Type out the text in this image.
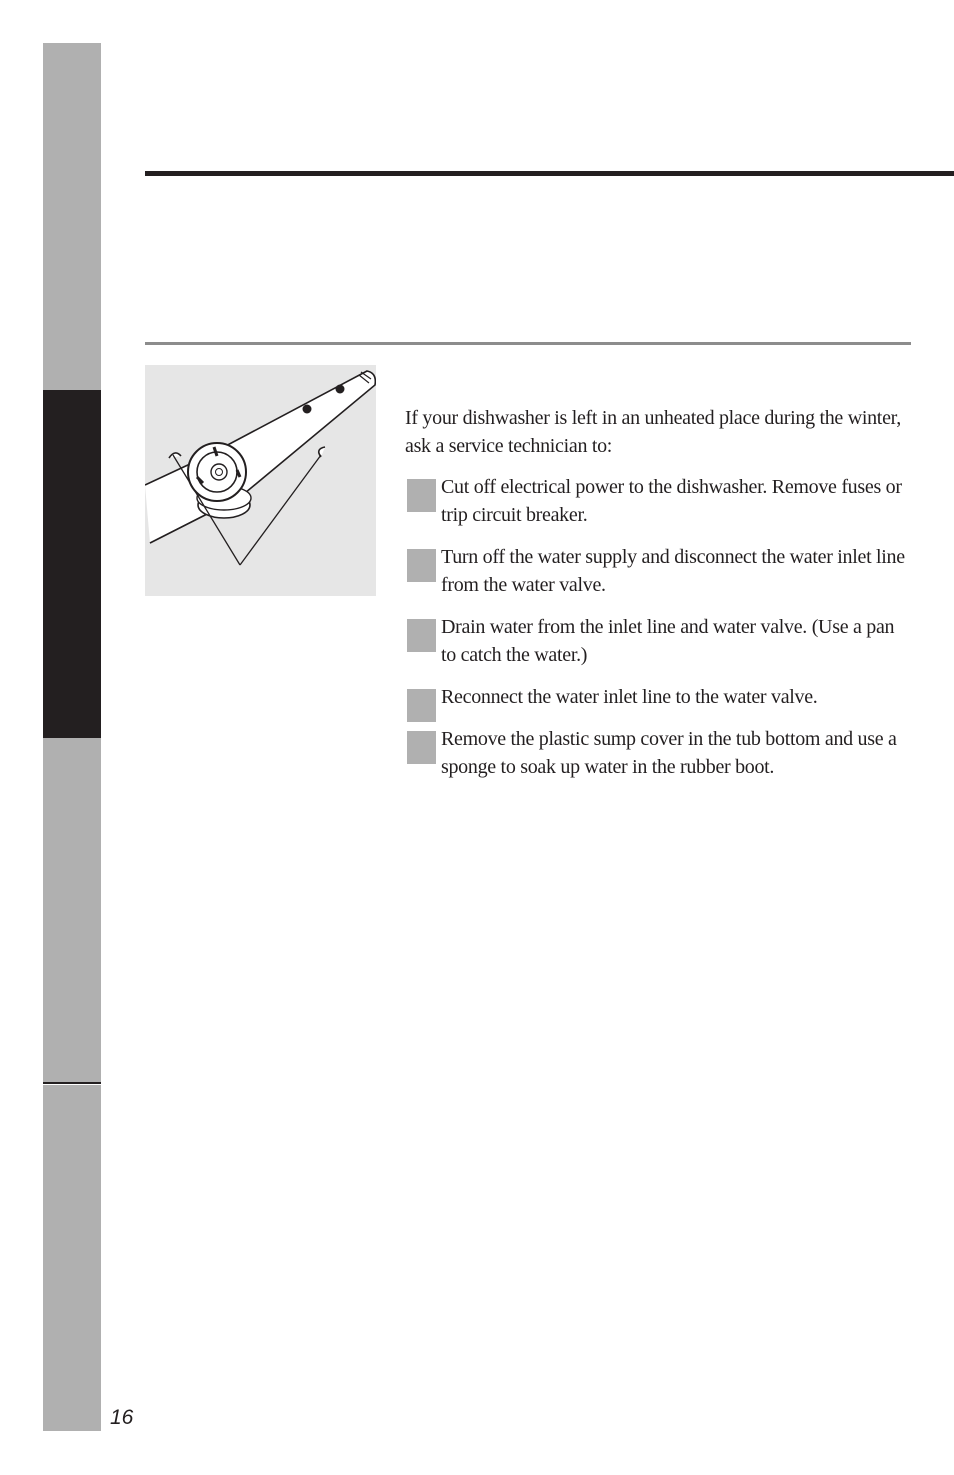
If your dishwasher is left in an unheated place during the winter, ask a service technician to:

Cut off electrical power to the dishwasher. Remove fuses or trip circuit breaker.
Turn off the water supply and disconnect the water inlet line from the water valve.
Drain water from the inlet line and water valve. (Use a pan to catch the water.)
Reconnect the water inlet line to the water valve.
Remove the plastic sump cover in the tub bottom and use a sponge to soak up water in the rubber boot.
16
